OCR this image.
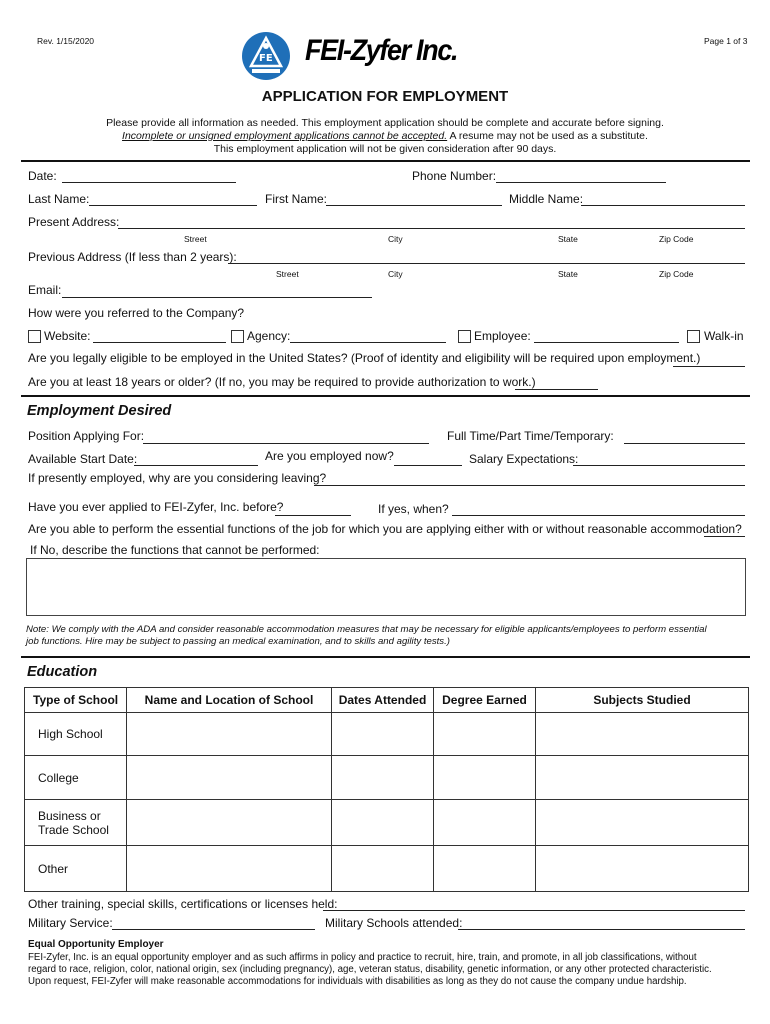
Rev. 1/15/2020	Page 1 of 3
FE FEI-Zyfer Inc.
APPLICATION FOR EMPLOYMENT
Please provide all information as needed. This employment application should be complete and accurate before signing.
Incomplete or unsigned employment applications cannot be accepted. A resume may not be used as a substitute.
This employment application will not be given consideration after 90 days.
Date:	Phone Number:
Last Name:	First Name:	Middle Name:
Present Address:
Street	City	State	Zip Code
Previous Address (If less than 2 years):
Street	City	State	Zip Code
Email:
How were you referred to the Company?
Website:	Agency:	Employee:	Walk-in
Are you legally eligible to be employed in the United States? (Proof of identity and eligibility will be required upon employment.)
Are you at least 18 years or older? (If no, you may be required to provide authorization to work.)
Employment Desired
Position Applying For:	Full Time/Part Time/Temporary:
Available Start Date:	Are you employed now?	Salary Expectations:
If presently employed, why are you considering leaving?
Have you ever applied to FEI-Zyfer, Inc. before?	If yes, when?
Are you able to perform the essential functions of the job for which you are applying either with or without reasonable accommodation?
If No, describe the functions that cannot be performed:
Note: We comply with the ADA and consider reasonable accommodation measures that may be necessary for eligible applicants/employees to perform essential
job functions. Hire may be subject to passing an medical examination, and to skills and agility tests.)
Education
Type of School	Name and Location of School	Dates Attended	Degree Earned	Subjects Studied
High School				
College				
Business or
Trade School				
Other				
Other training, special skills, certifications or licenses held:
Military Service:	Military Schools attended:
Equal Opportunity Employer
FEI-Zyfer, Inc. is an equal opportunity employer and as such affirms in policy and practice to recruit, hire, train, and promote, in all job classifications, without
regard to race, religion, color, national origin, sex (including pregnancy), age, veteran status, disability, genetic information, or any other protected characteristic.
Upon request, FEI-Zyfer will make reasonable accommodations for individuals with disabilities as long as they do not cause the company undue hardship.
